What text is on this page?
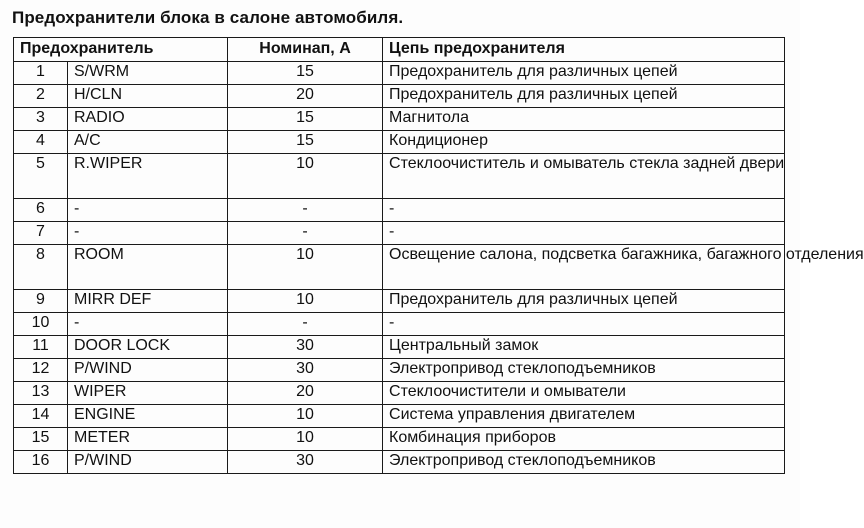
Предохранители блока в салоне автомобиля.
Предохранитель		Номинап, А	Цепь предохранителя
1	S/WRM	15	Предохранитель для различных цепей
2	H/CLN	20	Предохранитель для различных цепей
3	RADIO	15	Магнитола
4	A/C	15	Кондиционер
5	R.WIPER	10	Стеклоочиститель и омыватель стекла задней двери
6	-	-	-
7	-	-	-
8	ROOM	10	Освещение салона, подсветка багажника, багажного отделения
9	MIRR DEF	10	Предохранитель для различных цепей
10	-	-	-
11	DOOR LOCK	30	Центральный замок
12	P/WIND	30	Электропривод стеклоподъемников
13	WIPER	20	Стеклоочистители и омыватели
14	ENGINE	10	Система управления двигателем
15	METER	10	Комбинация приборов
16	P/WIND	30	Электропривод стеклоподъемников
